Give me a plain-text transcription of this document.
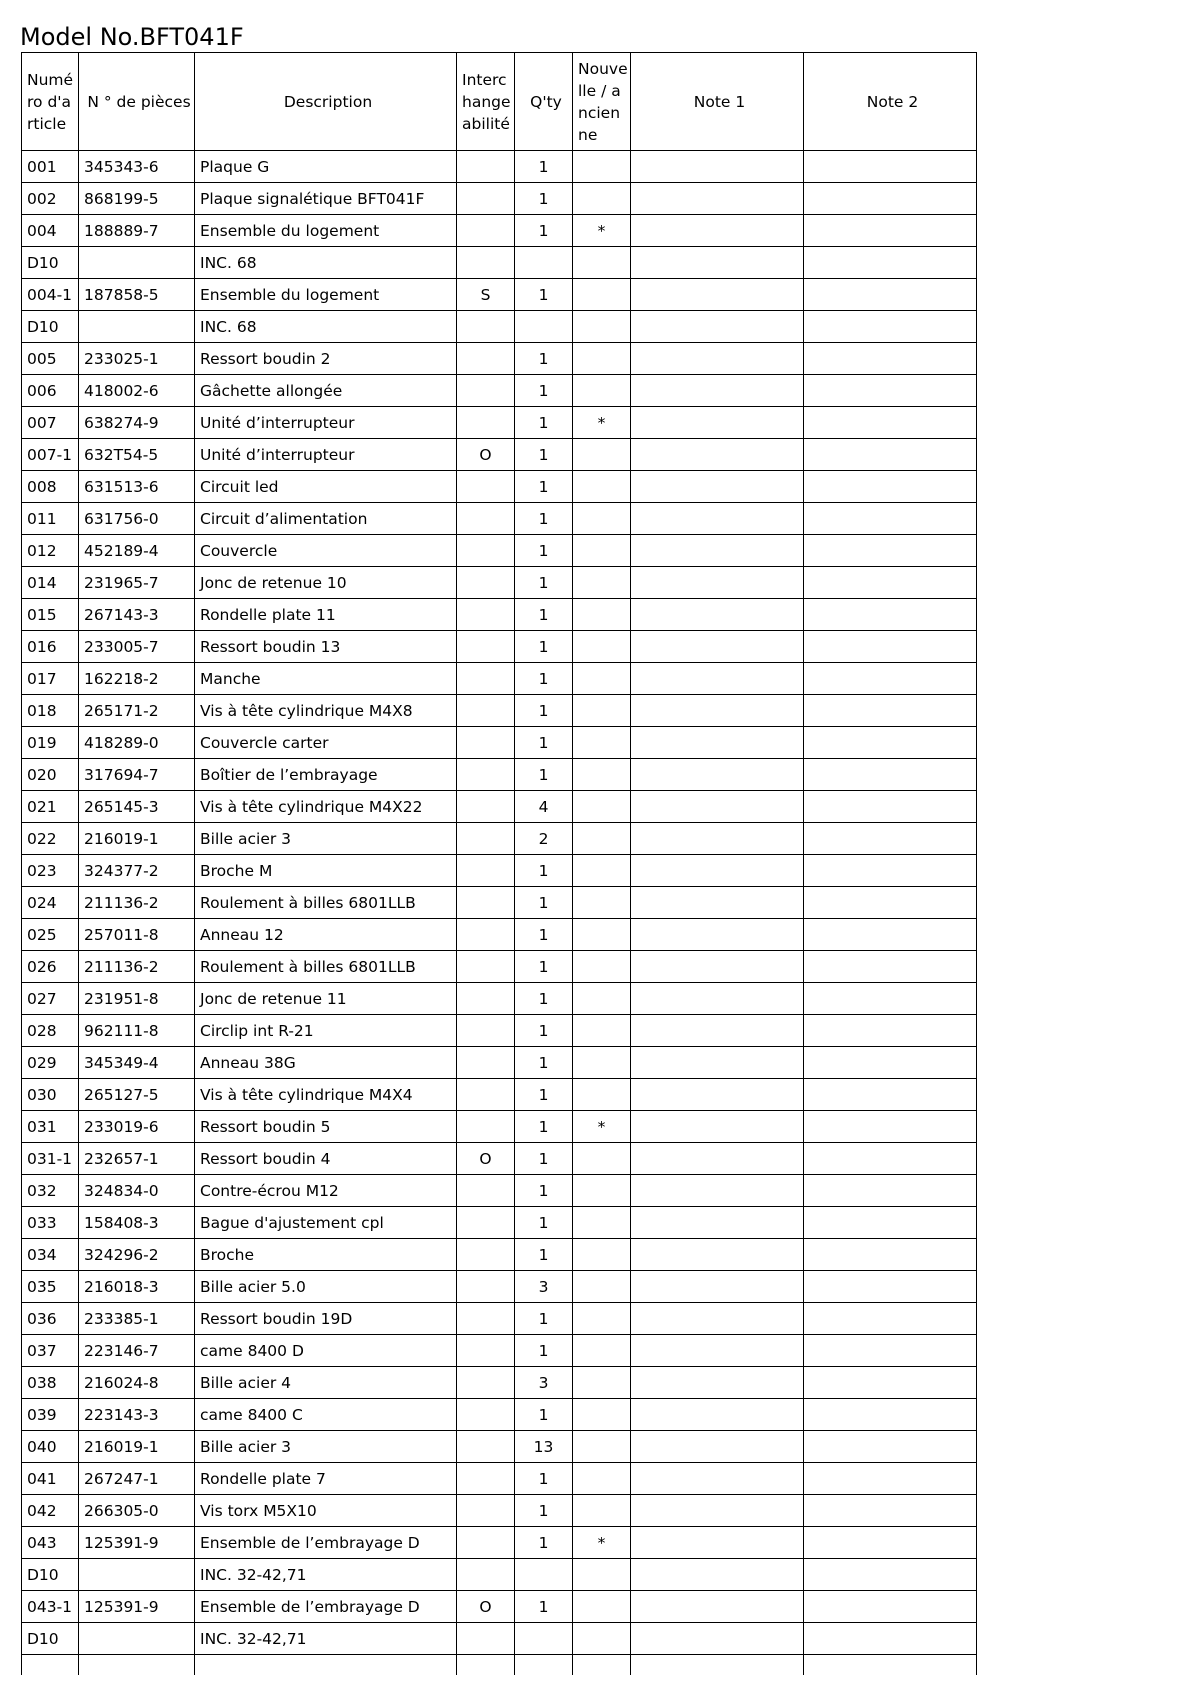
Model No.BFT041F
Numéro d'article	N ° de pièces	Description	Interchangeabilité	Q'ty	Nouvelle / ancienne	Note 1	Note 2
001	345343-6	Plaque G		1			
002	868199-5	Plaque signalétique BFT041F		1			
004	188889-7	Ensemble du logement		1	*		
D10		INC. 68					
004-1	187858-5	Ensemble du logement	S	1			
D10		INC. 68					
005	233025-1	Ressort boudin 2		1			
006	418002-6	Gâchette allongée		1			
007	638274-9	Unité d’interrupteur		1	*		
007-1	632T54-5	Unité d’interrupteur	O	1			
008	631513-6	Circuit led		1			
011	631756-0	Circuit d’alimentation		1			
012	452189-4	Couvercle		1			
014	231965-7	Jonc de retenue 10		1			
015	267143-3	Rondelle plate 11		1			
016	233005-7	Ressort boudin 13		1			
017	162218-2	Manche		1			
018	265171-2	Vis à tête cylindrique M4X8		1			
019	418289-0	Couvercle carter		1			
020	317694-7	Boîtier de l’embrayage		1			
021	265145-3	Vis à tête cylindrique M4X22		4			
022	216019-1	Bille acier 3		2			
023	324377-2	Broche M		1			
024	211136-2	Roulement à billes 6801LLB		1			
025	257011-8	Anneau 12		1			
026	211136-2	Roulement à billes 6801LLB		1			
027	231951-8	Jonc de retenue 11		1			
028	962111-8	Circlip int R-21		1			
029	345349-4	Anneau 38G		1			
030	265127-5	Vis à tête cylindrique M4X4		1			
031	233019-6	Ressort boudin 5		1	*		
031-1	232657-1	Ressort boudin 4	O	1			
032	324834-0	Contre-écrou M12		1			
033	158408-3	Bague d'ajustement cpl		1			
034	324296-2	Broche		1			
035	216018-3	Bille acier 5.0		3			
036	233385-1	Ressort boudin 19D		1			
037	223146-7	came 8400 D		1			
038	216024-8	Bille acier 4		3			
039	223143-3	came 8400 C		1			
040	216019-1	Bille acier 3		13			
041	267247-1	Rondelle plate 7		1			
042	266305-0	Vis torx M5X10		1			
043	125391-9	Ensemble de l’embrayage D		1	*		
D10		INC. 32-42,71					
043-1	125391-9	Ensemble de l’embrayage D	O	1			
D10		INC. 32-42,71					
